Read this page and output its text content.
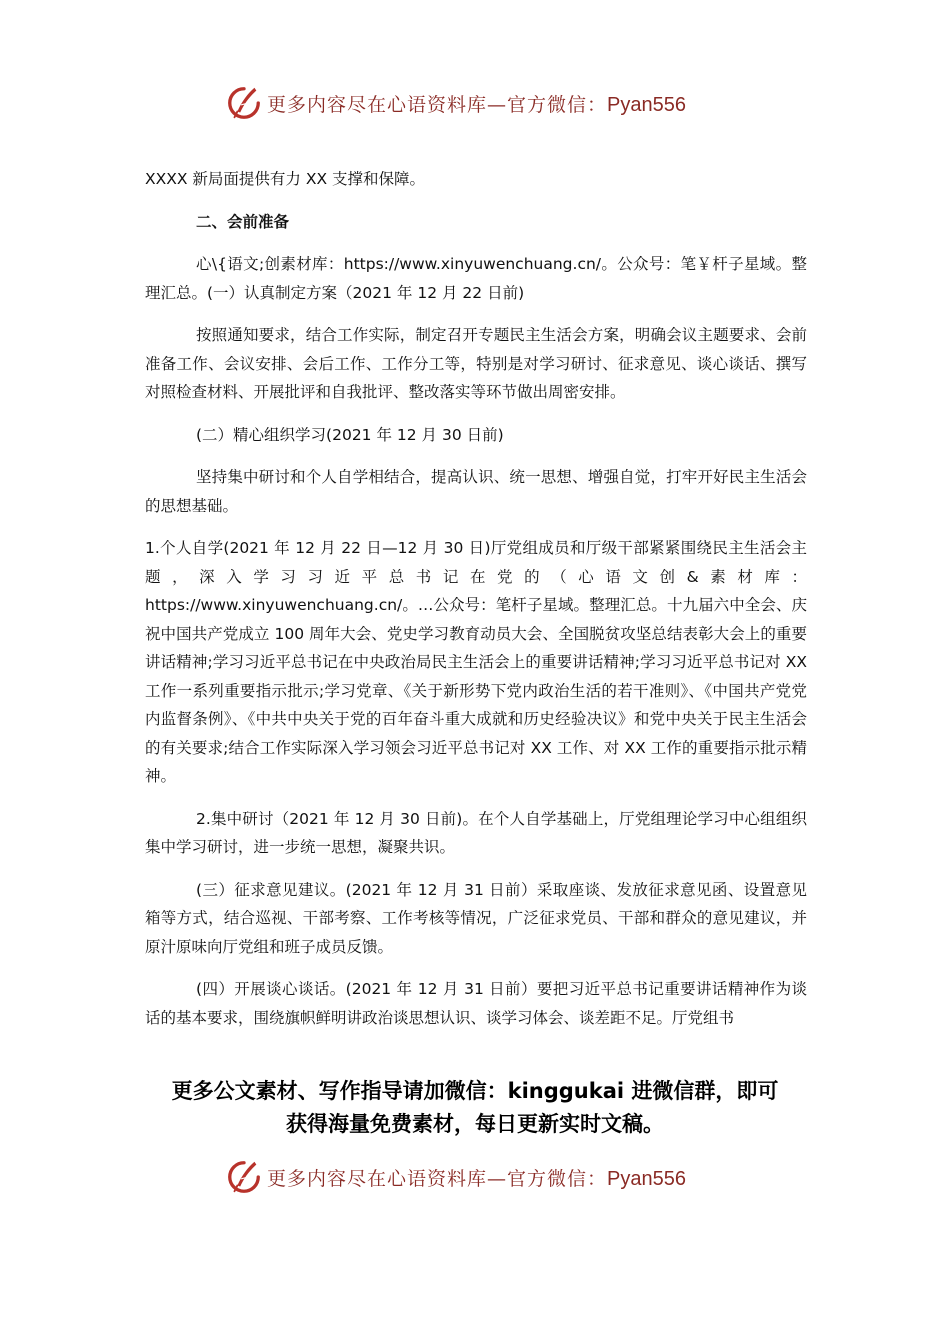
更多内容尽在心语资料库—官方微信：Pyan556

XXXX 新局面提供有力 XX 支撑和保障。

二、会前准备

心\{语文;创素材库：https://www.xinyuwenchuang.cn/。公众号：笔￥杆子星域。整理汇总。(一）认真制定方案（2021 年 12 月 22 日前)

按照通知要求，结合工作实际，制定召开专题民主生活会方案，明确会议主题要求、会前准备工作、会议安排、会后工作、工作分工等，特别是对学习研讨、征求意见、谈心谈话、撰写对照检查材料、开展批评和自我批评、整改落实等环节做出周密安排。

(二）精心组织学习(2021 年 12 月 30 日前)

坚持集中研讨和个人自学相结合，提高认识、统一思想、增强自觉，打牢开好民主生活会的思想基础。

1.个人自学(2021 年 12 月 22 日—12 月 30 日)厅党组成员和厅级干部紧紧围绕民主生活会主题，深入学习习近平总书记在党的（心语文创&素材库：https://www.xinyuwenchuang.cn/。…公众号：笔杆子星域。整理汇总。十九届六中全会、庆祝中国共产党成立 100 周年大会、党史学习教育动员大会、全国脱贫攻坚总结表彰大会上的重要讲话精神;学习习近平总书记在中央政治局民主生活会上的重要讲话精神;学习习近平总书记对 XX 工作一系列重要指示批示;学习党章、《关于新形势下党内政治生活的若干准则》、《中国共产党党内监督条例》、《中共中央关于党的百年奋斗重大成就和历史经验决议》和党中央关于民主生活会的有关要求;结合工作实际深入学习领会习近平总书记对 XX 工作、对 XX 工作的重要指示批示精神。

2.集中研讨（2021 年 12 月 30 日前)。在个人自学基础上，厅党组理论学习中心组组织集中学习研讨，进一步统一思想，凝聚共识。

(三）征求意见建议。(2021 年 12 月 31 日前）采取座谈、发放征求意见函、设置意见箱等方式，结合巡视、干部考察、工作考核等情况，广泛征求党员、干部和群众的意见建议，并原汁原味向厅党组和班子成员反馈。

(四）开展谈心谈话。(2021 年 12 月 31 日前）要把习近平总书记重要讲话精神作为谈话的基本要求，围绕旗帜鲜明讲政治谈思想认识、谈学习体会、谈差距不足。厅党组书

更多公文素材、写作指导请加微信：kinggukai 进微信群，即可
获得海量免费素材，每日更新实时文稿。
更多内容尽在心语资料库—官方微信：Pyan556
